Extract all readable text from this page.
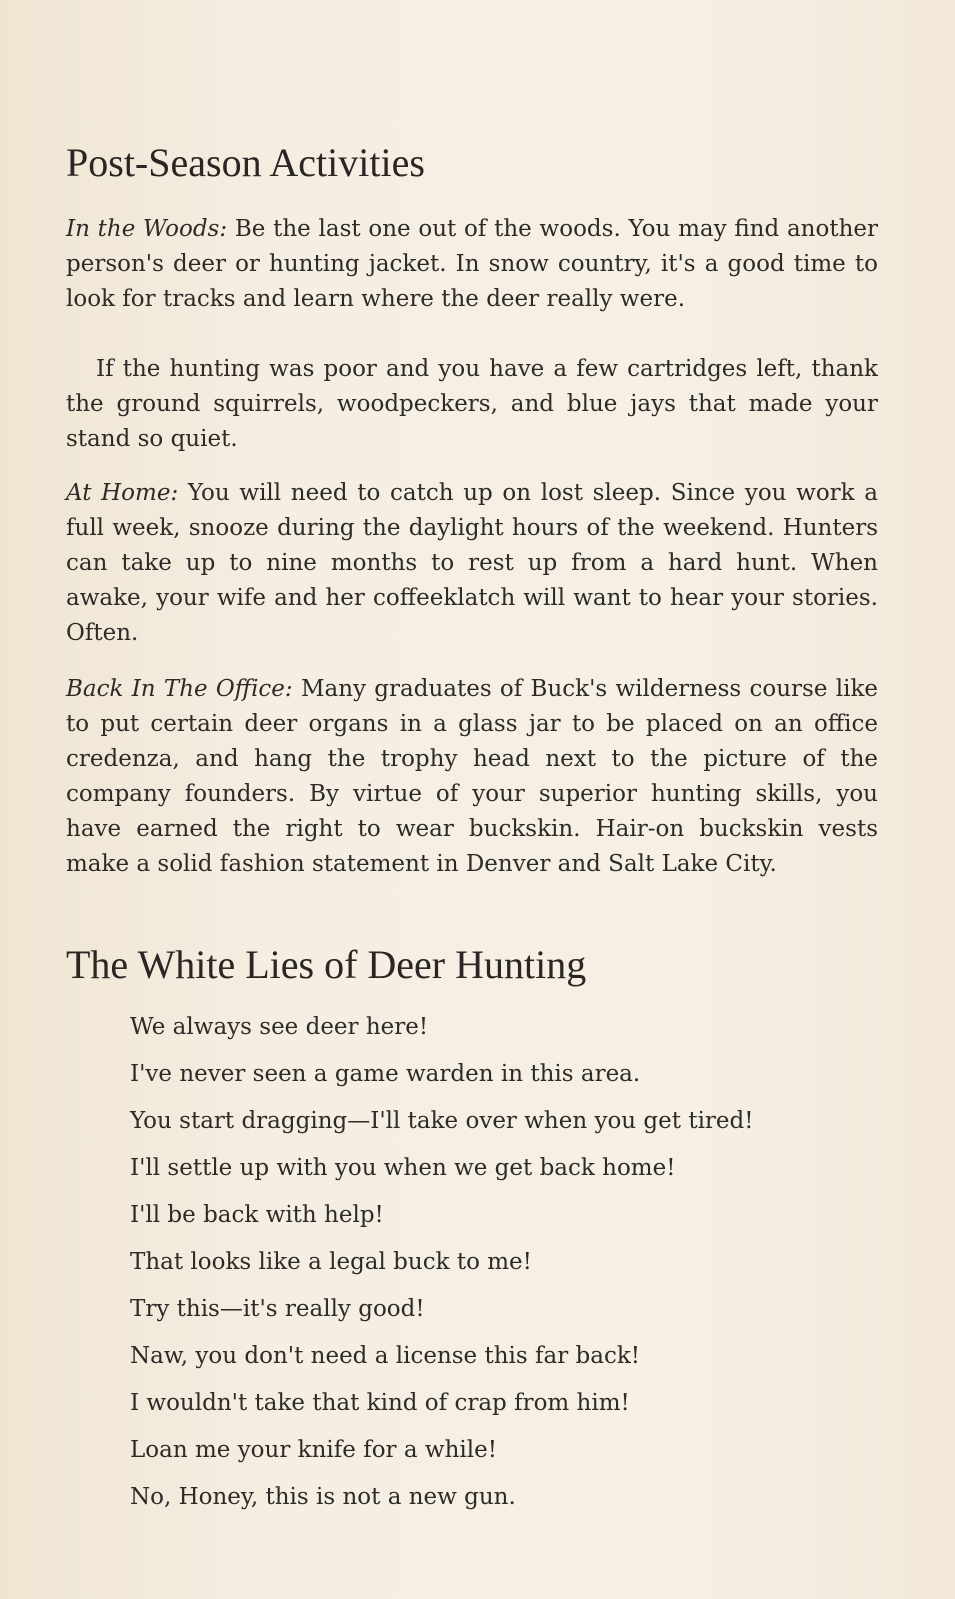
Post-Season Activities

In the Woods: Be the last one out of the woods. You may find another person's deer or hunting jacket. In snow country, it's a good time to look for tracks and learn where the deer really were.

If the hunting was poor and you have a few cartridges left, thank the ground squirrels, woodpeckers, and blue jays that made your stand so quiet.

At Home: You will need to catch up on lost sleep. Since you work a full week, snooze during the daylight hours of the weekend. Hunters can take up to nine months to rest up from a hard hunt. When awake, your wife and her coffeeklatch will want to hear your stories. Often.

Back In The Office: Many graduates of Buck's wilderness course like to put certain deer organs in a glass jar to be placed on an office credenza, and hang the trophy head next to the picture of the company founders. By virtue of your superior hunting skills, you have earned the right to wear buckskin. Hair-on buckskin vests make a solid fashion statement in Denver and Salt Lake City.

The White Lies of Deer Hunting
We always see deer here!
I've never seen a game warden in this area.
You start dragging—I'll take over when you get tired!
I'll settle up with you when we get back home!
I'll be back with help!
That looks like a legal buck to me!
Try this—it's really good!
Naw, you don't need a license this far back!
I wouldn't take that kind of crap from him!
Loan me your knife for a while!
No, Honey, this is not a new gun.
